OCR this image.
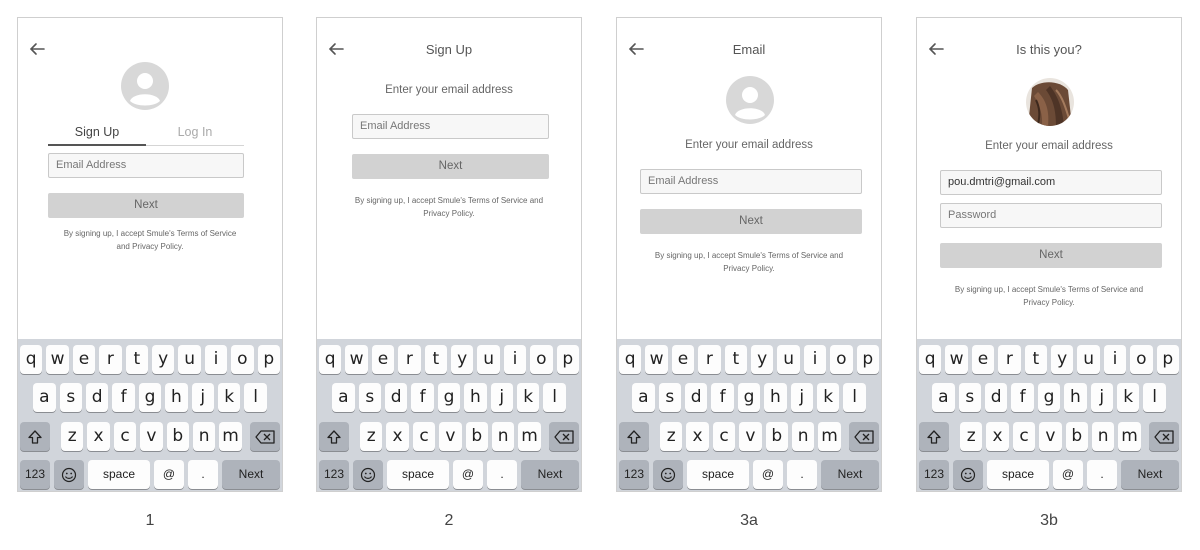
Sign Up	Log In
Email Address
Next
By signing up, I accept Smule's Terms of Service
and Privacy Policy.
q w e	r	t	y u	i	o p
a s d	f	g h	j	k	l
z x c v b n m
123	space	@	.	Next
1
Sign Up
Enter your email address
Email Address
Next
By signing up, I accept Smule's Terms of Service and
Privacy Policy.
q w e	r	t	y u	i	o p
a s d	f	g h	j	k	l
z x c v b n m
123	space	@	.	Next
2
Email
Enter your email address
Email Address
Next
By signing up, I accept Smule's Terms of Service and
Privacy Policy.
q w e	r	t	y u	i	o p
a s d	f	g h	j	k	l
z x c v b n m
123	space	@	.	Next
3a
Is this you?
Enter your email address
pou.dmtri@gmail.com
Password
Next
By signing up, I accept Smule's Terms of Service and
Privacy Policy.
q w e	r	t	y u	i	o p
a s d	f	g h	j	k	l
z x c v b n m
123	space	@	.	Next
3b
